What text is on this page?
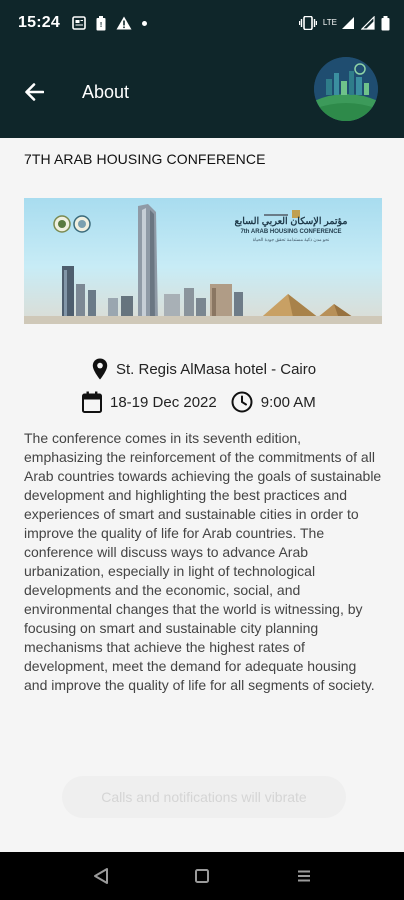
15:24	!	LTE
About
7TH ARAB HOUSING CONFERENCE
مؤتمر الإسكان العربي السابع
7th ARAB HOUSING CONFERENCE
نحو مدن ذكية مستدامة تحقق جودة الحياة
St. Regis AlMasa hotel - Cairo
18-19 Dec 2022	9:00 AM

The conference comes in its seventh edition, emphasizing the reinforcement of the commitments of all Arab countries towards achieving the goals of sustainable development and highlighting the best practices and experiences of smart and sustainable cities in order to improve the quality of life for Arab countries. The conference will discuss ways to advance Arab urbanization, especially in light of technological developments and the economic, social, and environmental changes that the world is witnessing, by focusing on smart and sustainable city planning mechanisms that achieve the highest rates of development, meet the demand for adequate housing and improve the quality of life for all segments of society.

Calls and notifications will vibrate
